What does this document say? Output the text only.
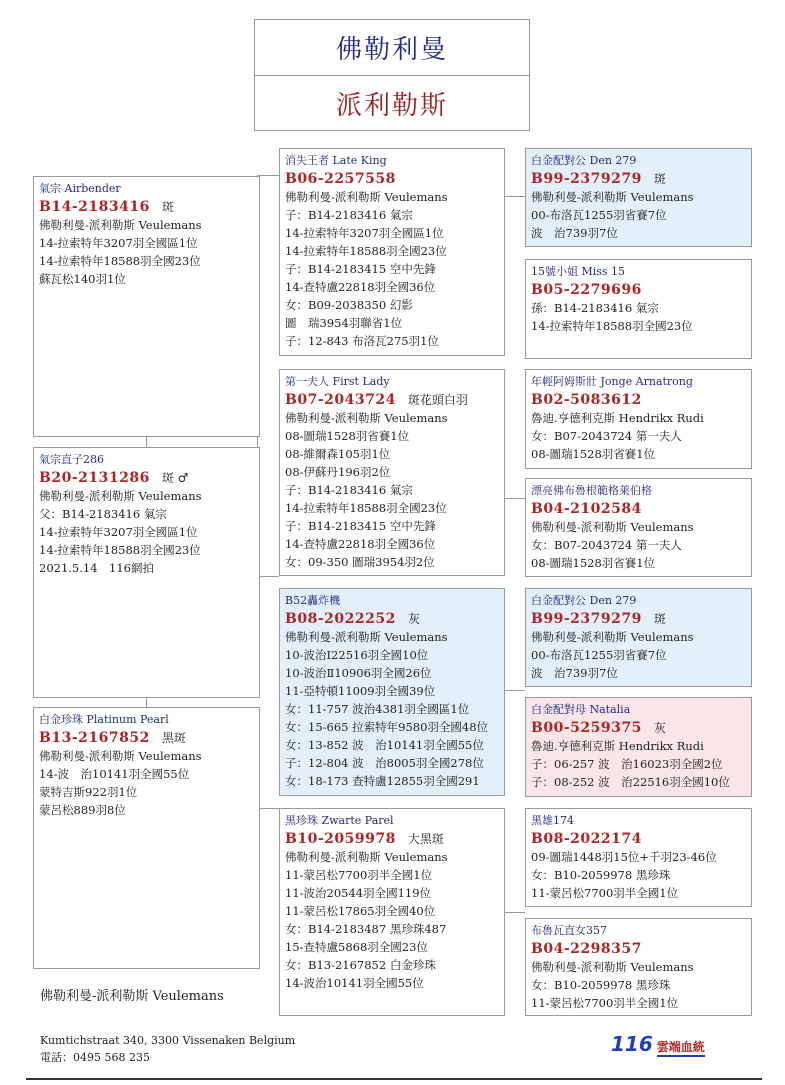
佛勒利曼
派利勒斯
氣宗 Airbender
B14-2183416 斑
佛勒利曼-派利勒斯 Veulemans
14-拉索特年3207羽全國區1位
14-拉索特年18588羽全國23位
蘇瓦松140羽1位
消失王者 Late King
B06-2257558
佛勒利曼-派利勒斯 Veulemans
子：B14-2183416 氣宗
14-拉索特年3207羽全國區1位
14-拉索特年18588羽全國23位
子：B14-2183415 空中先鋒
14-查特盧22818羽全國36位
女：B09-2038350 幻影
圖　瑞3954羽聯省1位
子：12-843 布洛瓦275羽1位
白金配對公 Den 279
B99-2379279 斑
佛勒利曼-派利勒斯 Veulemans
00-布洛瓦1255羽省賽7位
波　治739羽7位
15號小姐 Miss 15
B05-2279696
孫：B14-2183416 氣宗
14-拉索特年18588羽全國23位
第一夫人 First Lady
B07-2043724 斑花頭白羽
佛勒利曼-派利勒斯 Veulemans
08-圖瑞1528羽省賽1位
08-維爾森105羽1位
08-伊蘇丹196羽2位
子：B14-2183416 氣宗
14-拉索特年18588羽全國23位
子：B14-2183415 空中先鋒
14-查特盧22818羽全國36位
女：09-350 圖瑞3954羽2位
年輕阿姆斯壯 Jonge Arnatrong
B02-5083612
魯迪.亨德利克斯 Hendrikx Rudi
女：B07-2043724 第一夫人
08-圖瑞1528羽省賽1位
漂亮佛布魯根範格萊伯格
B04-2102584
佛勒利曼-派利勒斯 Veulemans
女：B07-2043724 第一夫人
08-圖瑞1528羽省賽1位
氣宗直子286
B20-2131286 斑 ♂
佛勒利曼-派利勒斯 Veulemans
父：B14-2183416 氣宗
14-拉索特年3207羽全國區1位
14-拉索特年18588羽全國23位
2021.5.14　116網拍
B52轟炸機
B08-2022252 灰
佛勒利曼-派利勒斯 Veulemans
10-波治Ⅰ22516羽全國10位
10-波治Ⅱ10906羽全國26位
11-亞特頓11009羽全國39位
女：11-757 波治4381羽全國區1位
女：15-665 拉索特年9580羽全國48位
女：13-852 波　治10141羽全國55位
子：12-804 波　治8005羽全國278位
女：18-173 查特盧12855羽全國291
白金配對公 Den 279
B99-2379279 斑
佛勒利曼-派利勒斯 Veulemans
00-布洛瓦1255羽省賽7位
波　治739羽7位
白金配對母 Natalia
B00-5259375 灰
魯迪.亨德利克斯 Hendrikx Rudi
子：06-257 波　治16023羽全國2位
子：08-252 波　治22516羽全國10位
白金珍珠 Platinum Pearl
B13-2167852 黑斑
佛勒利曼-派利勒斯 Veulemans
14-波　治10141羽全國55位
蒙特吉斯922羽1位
蒙呂松889羽8位
黑珍珠 Zwarte Parel
B10-2059978 大黑斑
佛勒利曼-派利勒斯 Veulemans
11-蒙呂松7700羽半全國1位
11-波治20544羽全國119位
11-蒙呂松17865羽全國40位
女：B14-2183487 黑珍珠487
15-查特盧5868羽全國23位
女：B13-2167852 白金珍珠
14-波治10141羽全國55位
黑雄174
B08-2022174
09-圖瑞1448羽15位+千羽23-46位
女：B10-2059978 黑珍珠
11-蒙呂松7700羽半全國1位
布魯瓦直女357
B04-2298357
佛勒利曼-派利勒斯 Veulemans
女：B10-2059978 黑珍珠
11-蒙呂松7700羽半全國1位
佛勒利曼-派利勒斯 Veulemans
Kumtichstraat 340, 3300 Vissenaken Belgium
電話：0495 568 235
116 雲端血統
